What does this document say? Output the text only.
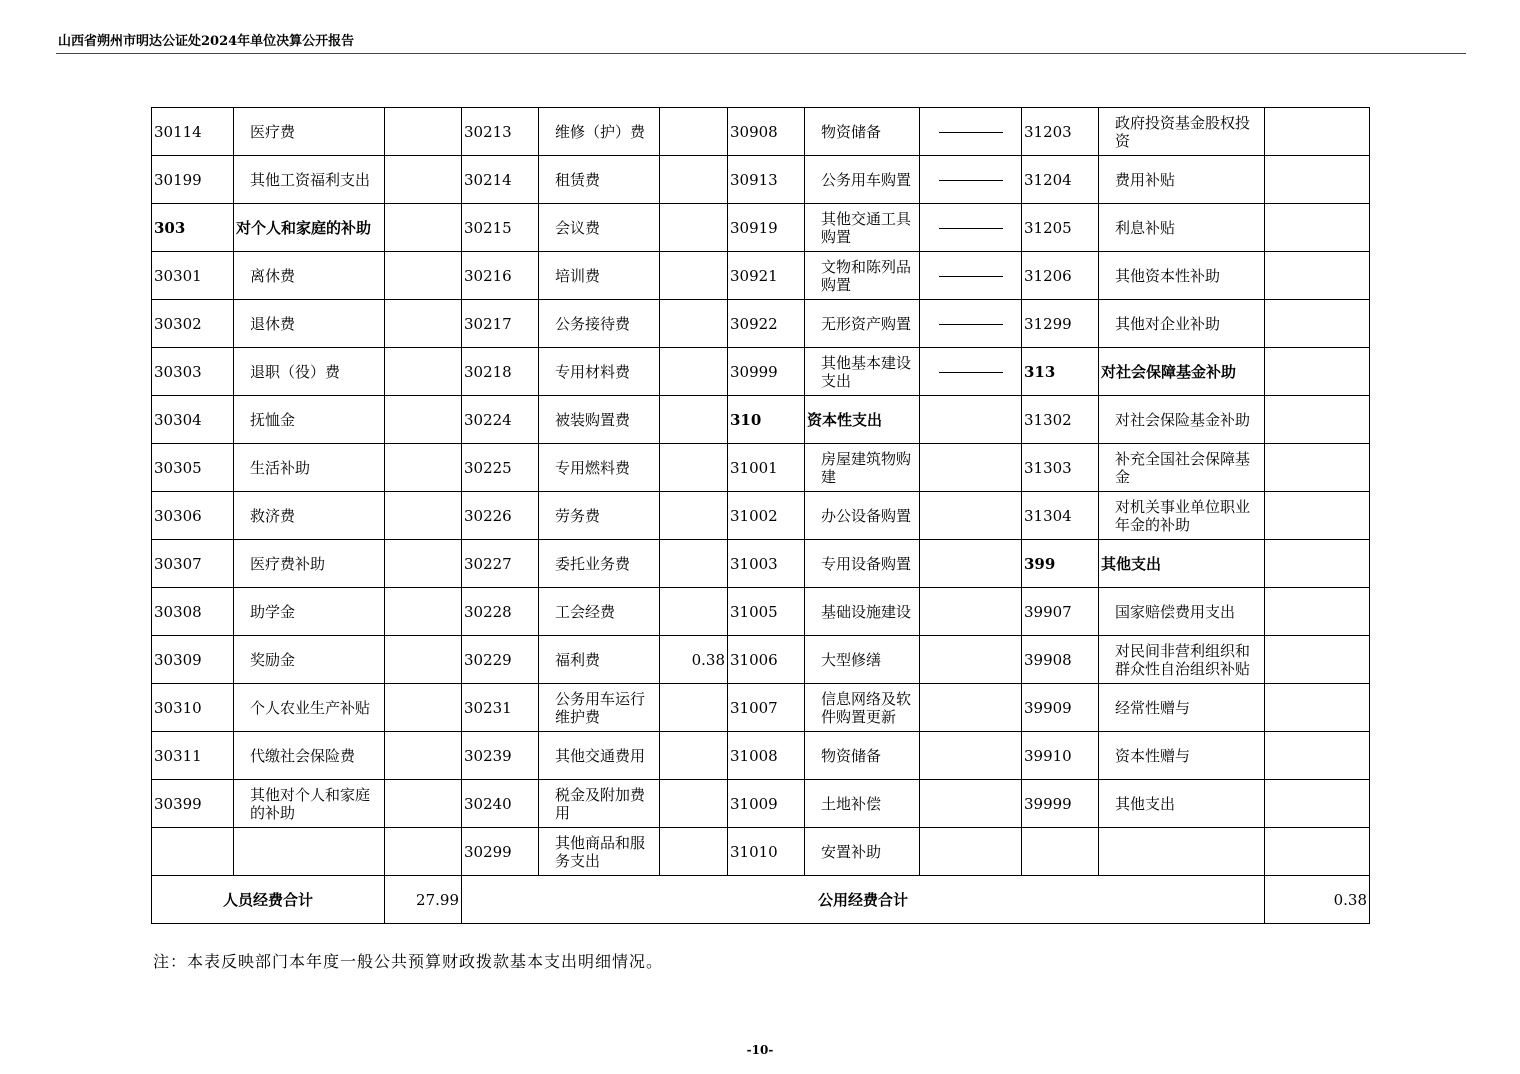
山西省朔州市明达公证处2024年单位决算公开报告
30114	医疗费		30213	维修（护）费		30908	物资储备		31203	政府投资基金股权投资	

30199	其他工资福利支出		30214	租赁费		30913	公务用车购置		31204	费用补贴	

303	对个人和家庭的补助		30215	会议费		30919	其他交通工具购置		31205	利息补贴	

30301	离休费		30216	培训费		30921	文物和陈列品购置		31206	其他资本性补助	

30302	退休费		30217	公务接待费		30922	无形资产购置		31299	其他对企业补助	

30303	退职（役）费		30218	专用材料费		30999	其他基本建设支出		313	对社会保障基金补助	

30304	抚恤金		30224	被装购置费		310	资本性支出		31302	对社会保险基金补助	

30305	生活补助		30225	专用燃料费		31001	房屋建筑物购建		31303	补充全国社会保障基金	

30306	救济费		30226	劳务费		31002	办公设备购置		31304	对机关事业单位职业年金的补助	

30307	医疗费补助		30227	委托业务费		31003	专用设备购置		399	其他支出	

30308	助学金		30228	工会经费		31005	基础设施建设		39907	国家赔偿费用支出	

30309	奖励金		30229	福利费	0.38	31006	大型修缮		39908	对民间非营利组织和群众性自治组织补贴	

30310	个人农业生产补贴		30231	公务用车运行维护费		31007	信息网络及软件购置更新		39909	经常性赠与	

30311	代缴社会保险费		30239	其他交通费用		31008	物资储备		39910	资本性赠与	

30399	其他对个人和家庭的补助		30240	税金及附加费用		31009	土地补偿		39999	其他支出	

		30299	其他商品和服务支出		31010	安置补助				

人员经费合计		27.99	公用经费合计								0.38
注：本表反映部门本年度一般公共预算财政拨款基本支出明细情况。
-10-
